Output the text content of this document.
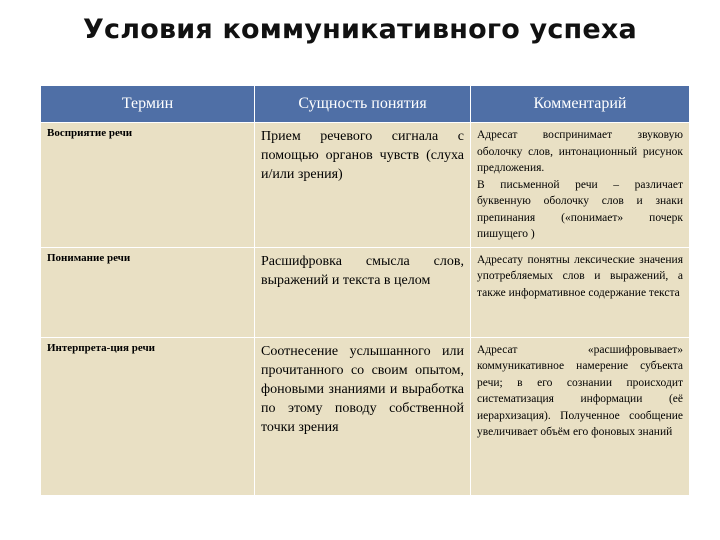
Условия коммуникативного успеха
Термин	Сущность понятия	Комментарий
Восприятие речи	Прием речевого сигнала с помощью органов чувств (слуха и/или зрения)	Адресат воспринимает звуковую оболочку слов, интонационный рисунок предложения.
В письменной речи – различает буквенную оболочку слов и знаки препинания («понимает» почерк пишущего )

Понимание речи	Расшифровка смысла слов, выражений и текста в целом	Адресату понятны лексические значения употребляемых слов и выражений, а также информативное содержание текста

Интерпрета-ция речи	Соотнесение услышанного или прочитанного со своим опытом, фоновыми знаниями и выработка по этому поводу собственной точки зрения	Адресат «расшифровывает» коммуникативное намерение субъекта речи; в его сознании происходит систематизация информации (её иерархизация). Полученное сообщение увеличивает объём его фоновых знаний
